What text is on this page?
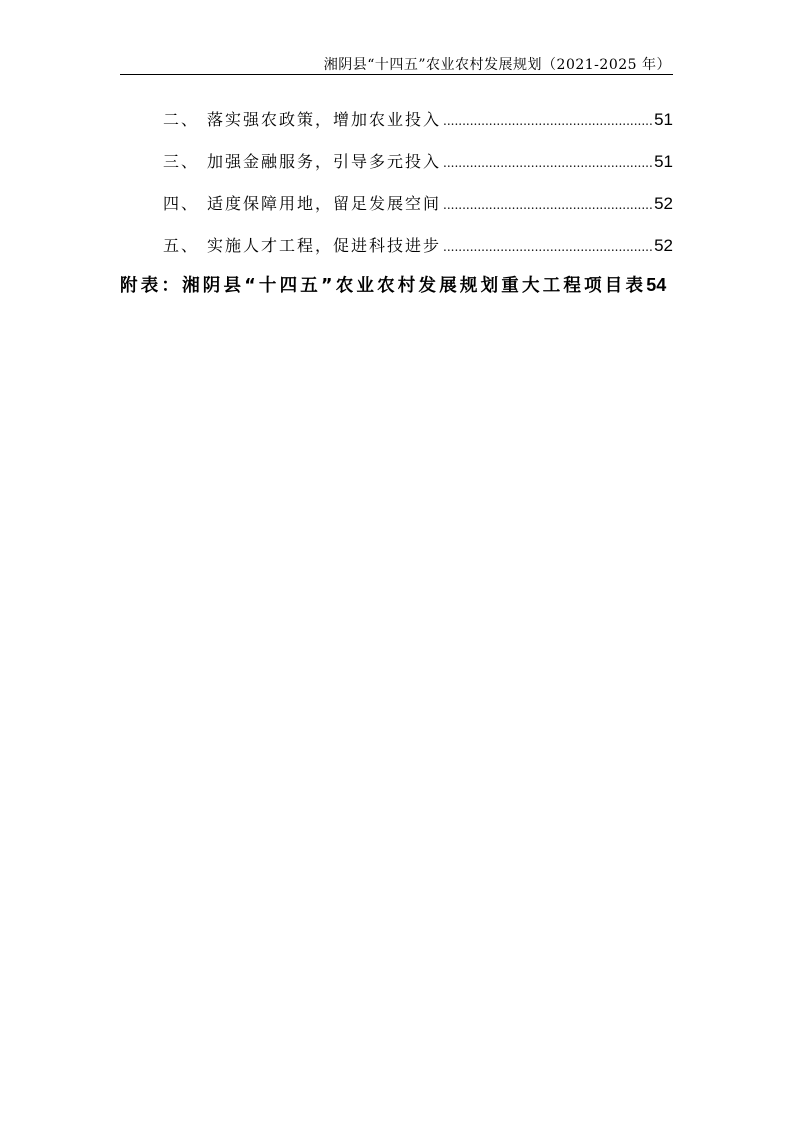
湘阴县“十四五”农业农村发展规划（2021-2025 年）
二、 落实强农政策，增加农业投入 .....	51
三、 加强金融服务，引导多元投入 .....	51
四、 适度保障用地，留足发展空间 .....	52
五、 实施人才工程，促进科技进步 .....	52
附表：湘阴县“十四五”农业农村发展规划重大工程项目表54
